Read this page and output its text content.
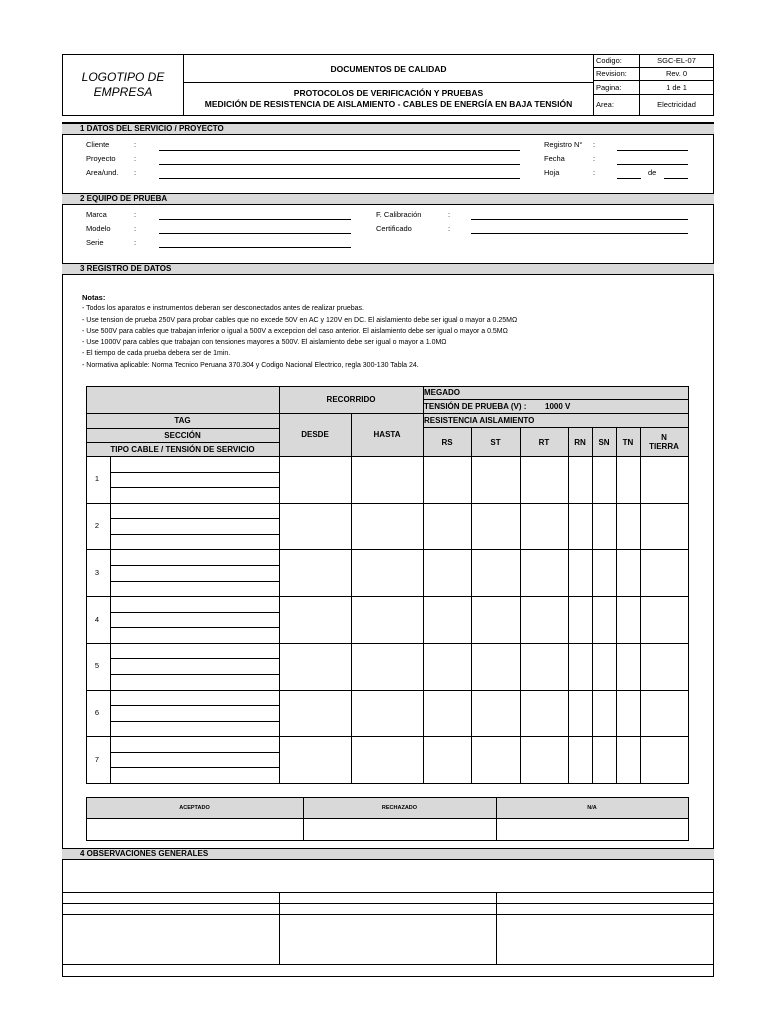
LOGOTIPO DE EMPRESA
DOCUMENTOS DE CALIDAD
PROTOCOLOS DE VERIFICACIÓN Y PRUEBAS
MEDICIÓN DE RESISTENCIA DE AISLAMIENTO - CABLES DE ENERGÍA EN BAJA TENSIÓN
Codigo:	SGC-EL-07
Revision:	Rev. 0
Pagina:	1 de 1
Area:	Electricidad
1 DATOS DEL SERVICIO / PROYECTO
Cliente	:
Proyecto :
Area/und. :
Registro N° :
Fecha	:
Hoja	:	de
2 EQUIPO DE PRUEBA
Marca	:
Modelo	:
Serie	:
F. Calibración	:
Certificado	:
3 REGISTRO DE DATOS
Notas:
- Todos los aparatos e instrumentos deberan ser desconectados antes de realizar pruebas.
- Use tension de prueba 250V para probar cables que no excede 50V en AC y 120V en DC. El aislamiento debe ser igual o mayor a 0.25MΩ
- Use 500V para cables que trabajan inferior o igual a 500V a excepcion del caso anterior. El aislamiento debe ser igual o mayor a 0.5MΩ
- Use 1000V para cables que trabajan con tensiones mayores a 500V. El aislamiento debe ser igual o mayor a 1.0MΩ
- El tiempo de cada prueba debera ser de 1min.
- Normativa aplicable: Norma Tecnico Peruana 370.304 y Codigo Nacional Electrico, regla 300-130 Tabla 24.
RECORRIDO
MEGADO
TENSIÓN DE PRUEBA (V) : 1000 V
RESISTENCIA AISLAMIENTO
TAG
SECCIÓN
TIPO CABLE / TENSIÓN DE SERVICIO
DESDE	HASTA
RS	ST	RT	RN	SN	TN	N
TIERRA
1
2
3
4
5
6
7
ACEPTADO	RECHAZADO	N/A
4 OBSERVACIONES GENERALES
